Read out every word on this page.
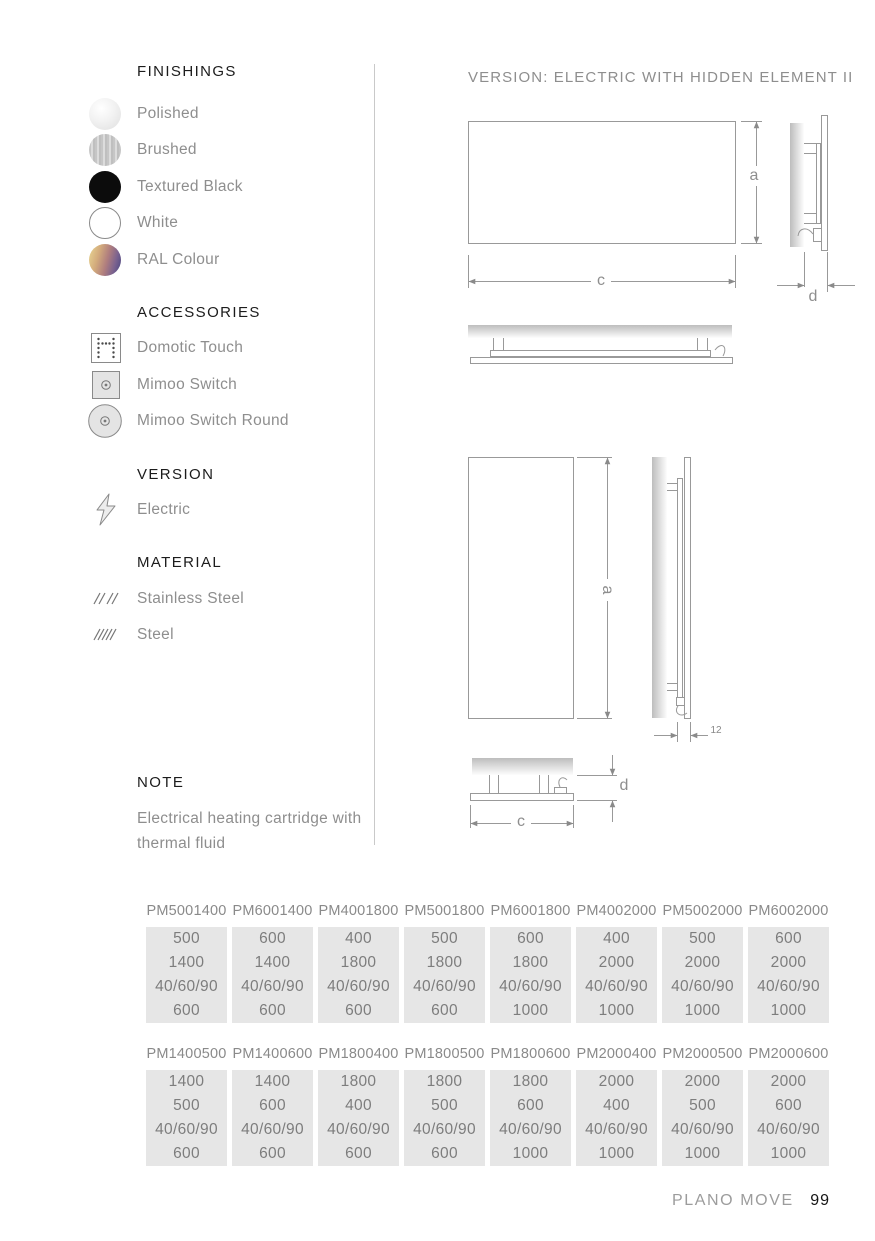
FINISHINGS
Polished
Brushed
Textured Black
White
RAL Colour
ACCESSORIES
Domotic Touch
Mimoo Switch
Mimoo Switch Round
VERSION
Electric
MATERIAL
Stainless Steel
Steel
NOTE
Electrical heating cartridge with thermal fluid
VERSION: ELECTRIC WITH HIDDEN ELEMENT II
a
c
d
a
12
d
c
PM5001400
500
1400
40/60/90
600
PM6001400
600
1400
40/60/90
600
PM4001800
400
1800
40/60/90
600
PM5001800
500
1800
40/60/90
600
PM6001800
600
1800
40/60/90
1000
PM4002000
400
2000
40/60/90
1000
PM5002000
500
2000
40/60/90
1000
PM6002000
600
2000
40/60/90
1000
PM1400500
1400
500
40/60/90
600
PM1400600
1400
600
40/60/90
600
PM1800400
1800
400
40/60/90
600
PM1800500
1800
500
40/60/90
600
PM1800600
1800
600
40/60/90
1000
PM2000400
2000
400
40/60/90
1000
PM2000500
2000
500
40/60/90
1000
PM2000600
2000
600
40/60/90
1000
PLANO MOVE 99
